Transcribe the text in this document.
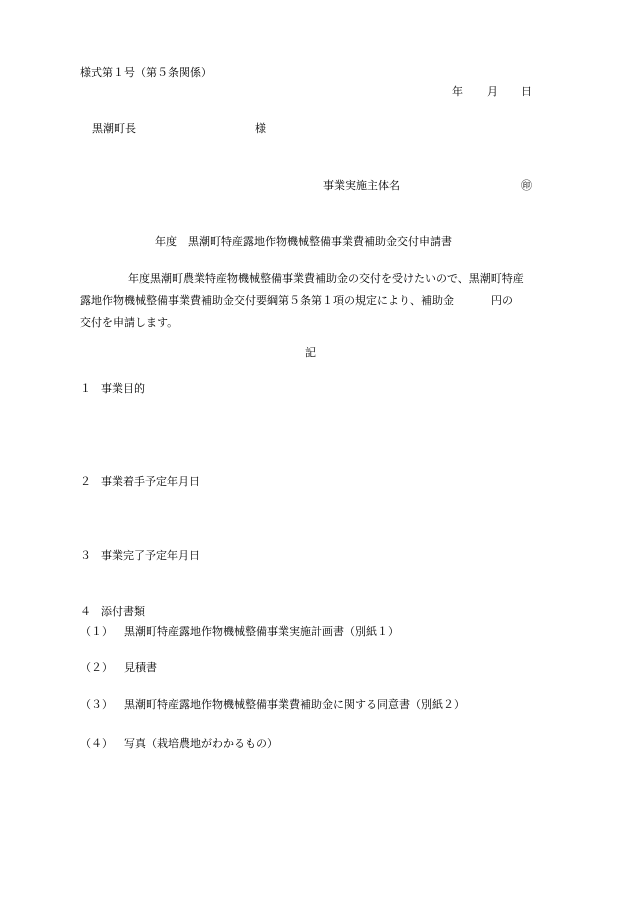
様式第１号（第５条関係）
年 月 日
黒潮町長	様
事業実施主体名	㊞
年度　黒潮町特産露地作物機械整備事業費補助金交付申請書
年度黒潮町農業特産物機械整備事業費補助金の交付を受けたいので、黒潮町特産
露地作物機械整備事業費補助金交付要綱第５条第１項の規定により、補助金	円の
交付を申請します。
記
１ 事業目的
２ 事業着手予定年月日
３ 事業完了予定年月日
４ 添付書類
（１） 黒潮町特産露地作物機械整備事業実施計画書（別紙１）
（２） 見積書
（３） 黒潮町特産露地作物機械整備事業費補助金に関する同意書（別紙２）
（４） 写真（栽培農地がわかるもの）
